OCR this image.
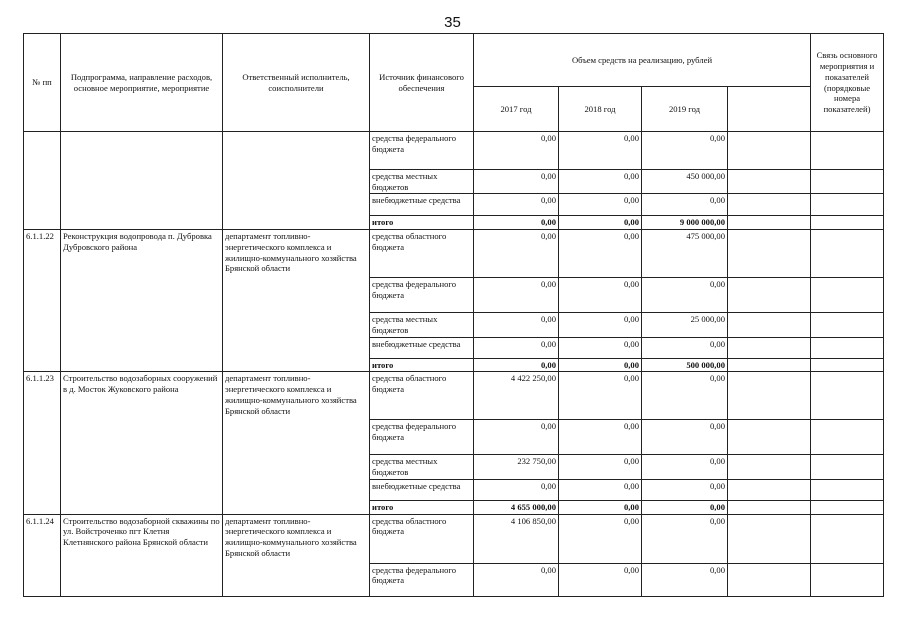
35
№ пп	Подпрограмма, направление расходов, основное мероприятие, мероприятие	Ответственный исполнитель, соисполнители	Источник финансового обеспечения	Объем средств на реализацию, рублей				Связь основного мероприятия и показателей (порядковые номера показателей)
				2017 год	2018 год	2019 год		
			средства федерального бюджета	0,00	0,00	0,00		
			средства местных бюджетов	0,00	0,00	450 000,00		
			внебюджетные средства	0,00	0,00	0,00		
			итого	0,00	0,00	9 000 000,00		
6.1.1.22	Реконструкция водопровода п. Дубровка Дубровского района	департамент топливно-энергетического комплекса и жилищно-коммунального хозяйства Брянской области	средства областного бюджета	0,00	0,00	475 000,00		
			средства федерального бюджета	0,00	0,00	0,00		
			средства местных бюджетов	0,00	0,00	25 000,00		
			внебюджетные средства	0,00	0,00	0,00		
			итого	0,00	0,00	500 000,00		
6.1.1.23	Строительство водозаборных сооружений в д. Мосток Жуковского района	департамент топливно-энергетического комплекса и жилищно-коммунального хозяйства Брянской области	средства областного бюджета	4 422 250,00	0,00	0,00		
			средства федерального бюджета	0,00	0,00	0,00		
			средства местных бюджетов	232 750,00	0,00	0,00		
			внебюджетные средства	0,00	0,00	0,00		
			итого	4 655 000,00	0,00	0,00		
6.1.1.24	Строительство водозаборной скважины по ул. Войстроченко пгт Клетня Клетнянского района Брянской области	департамент топливно-энергетического комплекса и жилищно-коммунального хозяйства Брянской области	средства областного бюджета	4 106 850,00	0,00	0,00		
			средства федерального бюджета	0,00	0,00	0,00		
